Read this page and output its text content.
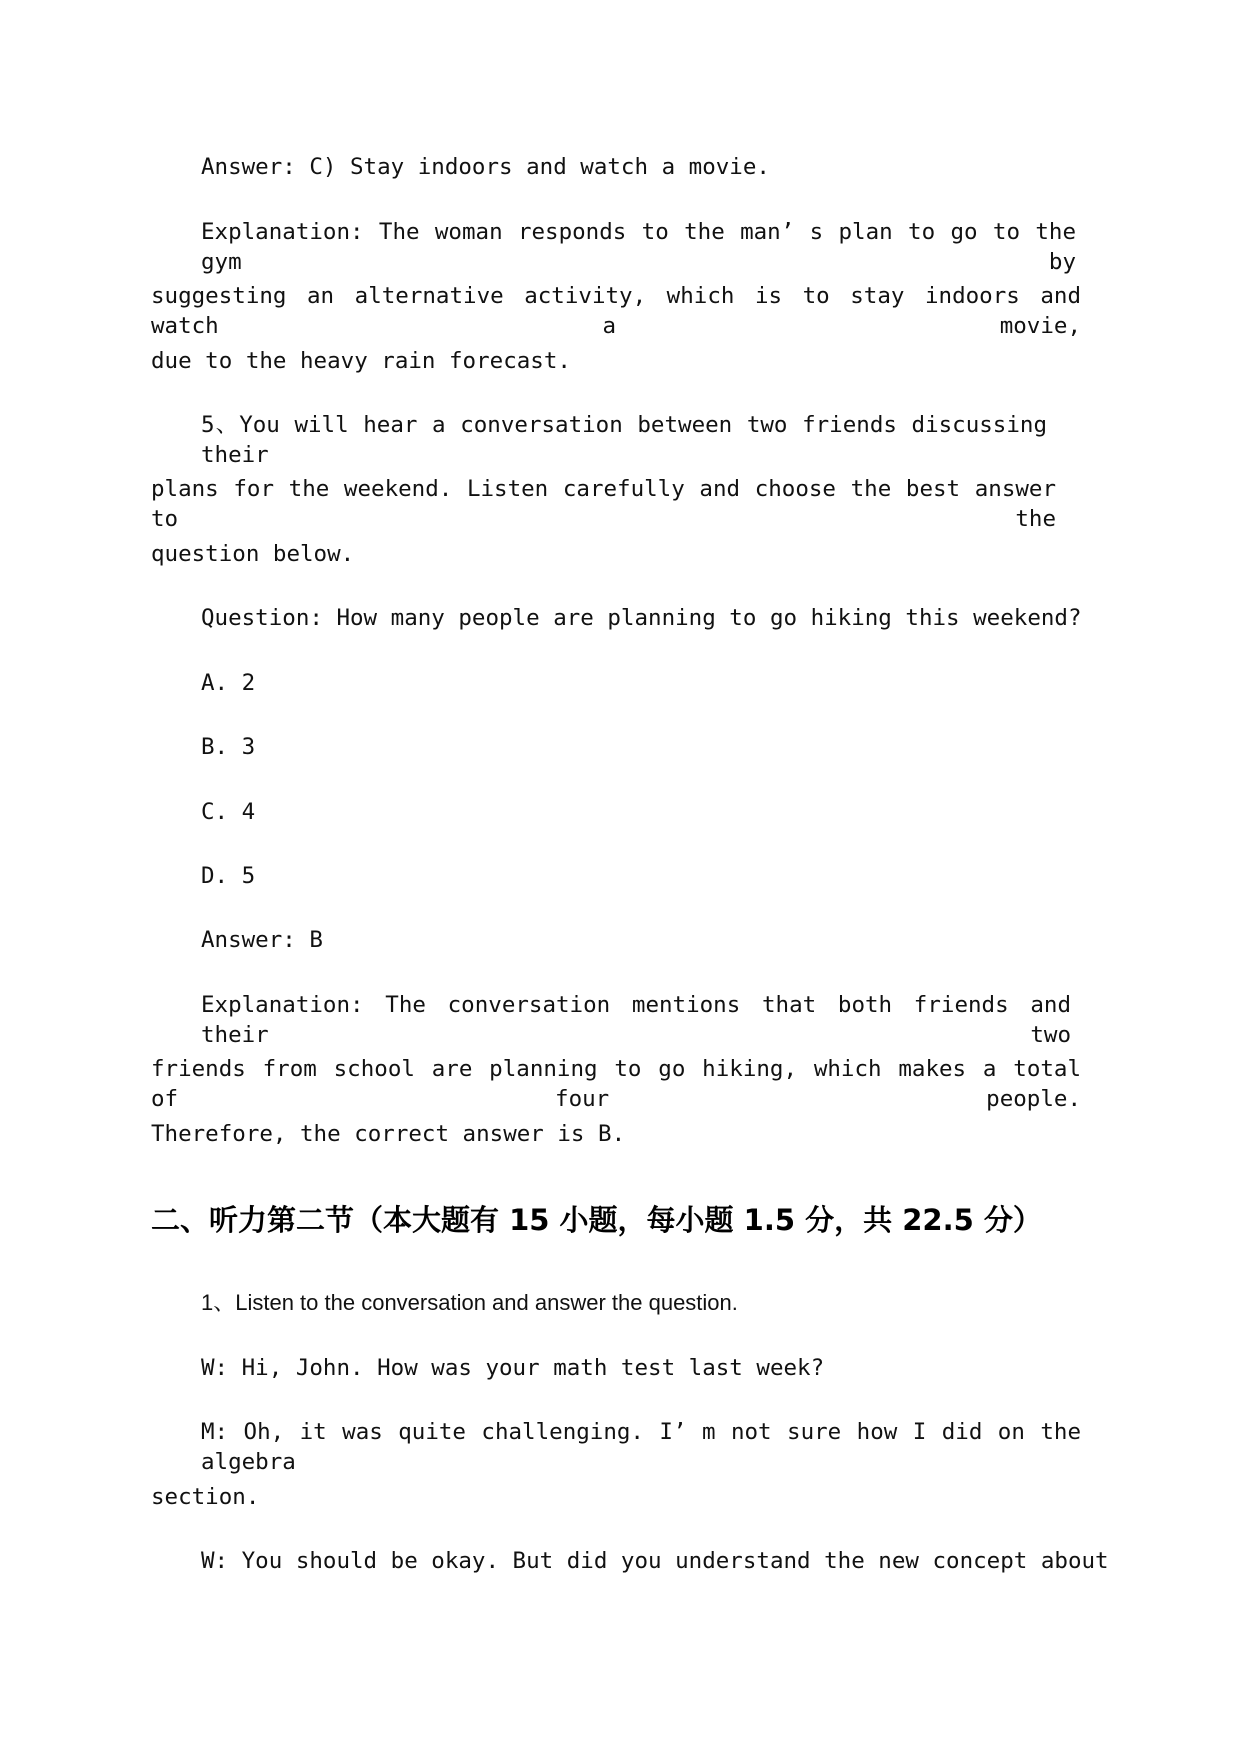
Answer: C) Stay indoors and watch a movie.
Explanation: The woman responds to the man’ s plan to go to the gym by
suggesting an alternative activity, which is to stay indoors and watch a movie,
due to the heavy rain forecast.
5、You will hear a conversation between two friends discussing their
plans for the weekend. Listen carefully and choose the best answer to the
question below.
Question: How many people are planning to go hiking this weekend?
A. 2
B. 3
C. 4
D. 5
Answer: B
Explanation: The conversation mentions that both friends and their two
friends from school are planning to go hiking, which makes a total of four people.
Therefore, the correct answer is B.
二、听力第二节（本大题有 15 小题，每小题 1.5 分，共 22.5 分）
1、Listen to the conversation and answer the question.
W: Hi, John. How was your math test last week?
M: Oh, it was quite challenging. I’ m not sure how I did on the algebra
section.
W: You should be okay. But did you understand the new concept about
